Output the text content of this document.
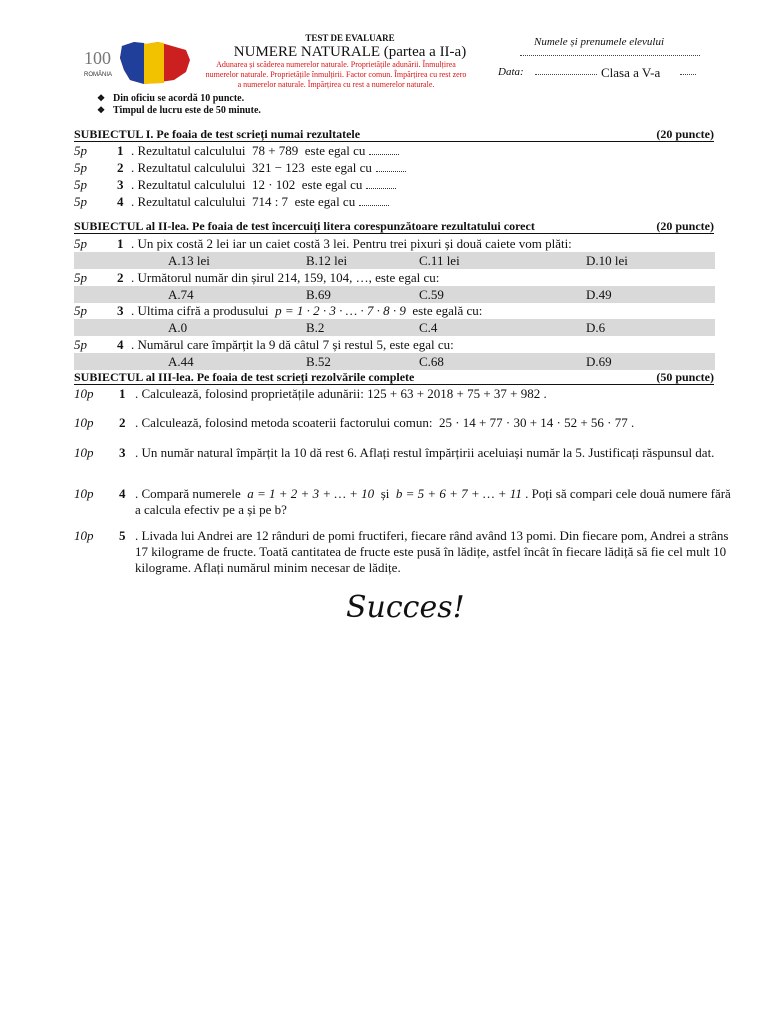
100
ROMÂNIA
TEST DE EVALUARE
NUMERE NATURALE (partea a II-a)
Adunarea și scăderea numerelor naturale. Proprietățile adunării. Înmulțirea numerelor naturale. Proprietățile înmulțirii. Factor comun. Împărțirea cu rest zero a numerelor naturale. Împărțirea cu rest a numerelor naturale.
Numele și prenumele elevului
Data:	Clasa a V-a
❖ Din oficiu se acordă 10 puncte.
❖ Timpul de lucru este de 50 minute.
SUBIECTUL I. Pe foaia de test scrieți numai rezultatele	(20 puncte)
5p 1 . Rezultatul calculului 78 + 789 este egal cu
5p 2 . Rezultatul calculului 321 − 123 este egal cu
5p 3 . Rezultatul calculului 12 · 102 este egal cu
5p 4 . Rezultatul calculului 714 : 7 este egal cu
SUBIECTUL al II-lea. Pe foaia de test încercuiți litera corespunzătoare rezultatului corect	(20 puncte)
5p 1 . Un pix costă 2 lei iar un caiet costă 3 lei. Pentru trei pixuri și două caiete vom plăti:
A.13 lei	B.12 lei	C.11 lei	D.10 lei
5p 2 . Următorul număr din șirul 214, 159, 104, …, este egal cu:
A.74	B.69	C.59	D.49
5p 3 . Ultima cifră a produsului p = 1 · 2 · 3 · … · 7 · 8 · 9 este egală cu:
A.0	B.2	C.4	D.6
5p 4 . Numărul care împărțit la 9 dă câtul 7 și restul 5, este egal cu:
A.44	B.52	C.68	D.69
SUBIECTUL al III-lea. Pe foaia de test scrieți rezolvările complete	(50 puncte)
10p 1 . Calculează, folosind proprietățile adunării: 125 + 63 + 2018 + 75 + 37 + 982 .
10p 2 . Calculează, folosind metoda scoaterii factorului comun: 25 · 14 + 77 · 30 + 14 · 52 + 56 · 77 .
10p 3 . Un număr natural împărțit la 10 dă rest 6. Aflați restul împărțirii aceluiași număr la 5. Justificați răspunsul dat.
10p 4 . Compară numerele a = 1 + 2 + 3 + … + 10 și b = 5 + 6 + 7 + … + 11 . Poți să compari cele două numere fără a calcula efectiv pe a și pe b?
10p 5 . Livada lui Andrei are 12 rânduri de pomi fructiferi, fiecare rând având 13 pomi. Din fiecare pom, Andrei a strâns 17 kilograme de fructe. Toată cantitatea de fructe este pusă în lădițe, astfel încât în fiecare lădiță să fie cel mult 10 kilograme. Aflați numărul minim necesar de lădițe.
Succes!
